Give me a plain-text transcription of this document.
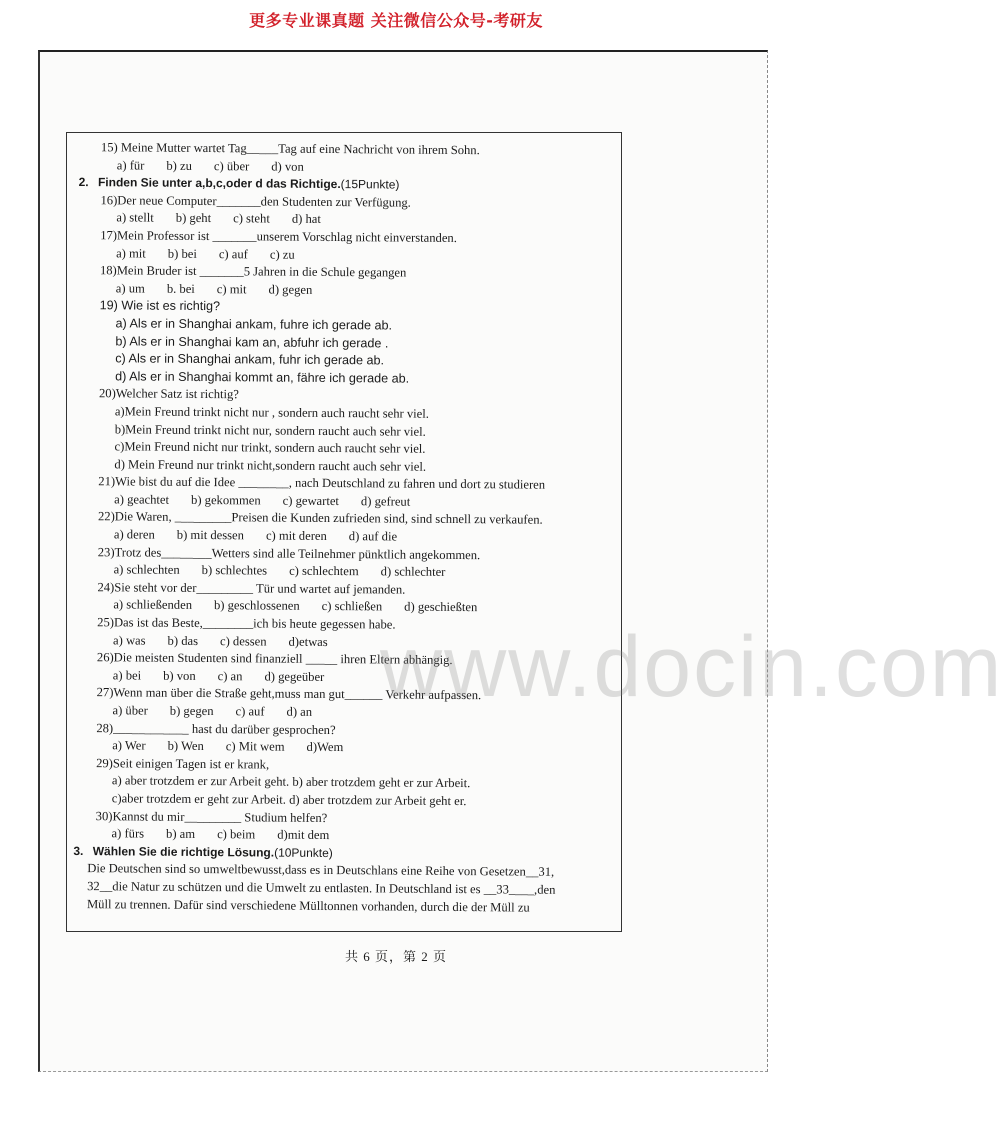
更多专业课真题 关注微信公众号-考研友
15) Meine Mutter wartet Tag_____Tag auf eine Nachricht von ihrem Sohn.
a) für b) zu c) über d) von
2. Finden Sie unter a,b,c,oder d das Richtige.(15Punkte)
16)Der neue Computer_______den Studenten zur Verfügung.
a) stellt b) geht c) steht d) hat
17)Mein Professor ist _______unserem Vorschlag nicht einverstanden.
a) mit b) bei c) auf c) zu
18)Mein Bruder ist _______5 Jahren in die Schule gegangen
a) um b. bei c) mit d) gegen
19) Wie ist es richtig?
a) Als er in Shanghai ankam, fuhre ich gerade ab.
b) Als er in Shanghai kam an, abfuhr ich gerade .
c) Als er in Shanghai ankam, fuhr ich gerade ab.
d) Als er in Shanghai kommt an, fähre ich gerade ab.
20)Welcher Satz ist richtig?
a)Mein Freund trinkt nicht nur , sondern auch raucht sehr viel.
b)Mein Freund trinkt nicht nur, sondern raucht auch sehr viel.
c)Mein Freund nicht nur trinkt, sondern auch raucht sehr viel.
d) Mein Freund nur trinkt nicht,sondern raucht auch sehr viel.
21)Wie bist du auf die Idee ________, nach Deutschland zu fahren und dort zu studieren
a) geachtet b) gekommen c) gewartet d) gefreut
22)Die Waren, _________Preisen die Kunden zufrieden sind, sind schnell zu verkaufen.
a) deren b) mit dessen c) mit deren d) auf die
23)Trotz des________Wetters sind alle Teilnehmer pünktlich angekommen.
a) schlechten b) schlechtes c) schlechtem d) schlechter
24)Sie steht vor der_________ Tür und wartet auf jemanden.
a) schließenden b) geschlossenen c) schließen d) geschießten
25)Das ist das Beste,________ich bis heute gegessen habe.
a) was b) das c) dessen d)etwas
26)Die meisten Studenten sind finanziell _____ ihren Eltern abhängig.
a) bei b) von c) an d) gegeüber
27)Wenn man über die Straße geht,muss man gut______ Verkehr aufpassen.
a) über b) gegen c) auf d) an
28)____________ hast du darüber gesprochen?
a) Wer b) Wen c) Mit wem d)Wem
29)Seit einigen Tagen ist er krank,
a) aber trotzdem er zur Arbeit geht. b) aber trotzdem geht er zur Arbeit.
c)aber trotzdem er geht zur Arbeit. d) aber trotzdem zur Arbeit geht er.
30)Kannst du mir_________ Studium helfen?
a) fürs b) am c) beim d)mit dem
3. Wählen Sie die richtige Lösung.(10Punkte)
Die Deutschen sind so umweltbewusst,dass es in Deutschlans eine Reihe von Gesetzen__31,
32__die Natur zu schützen und die Umwelt zu entlasten. In Deutschland ist es __33____,den
Müll zu trennen. Dafür sind verschiedene Mülltonnen vorhanden, durch die der Müll zu
共 6 页，第 2 页
www.docin.com
